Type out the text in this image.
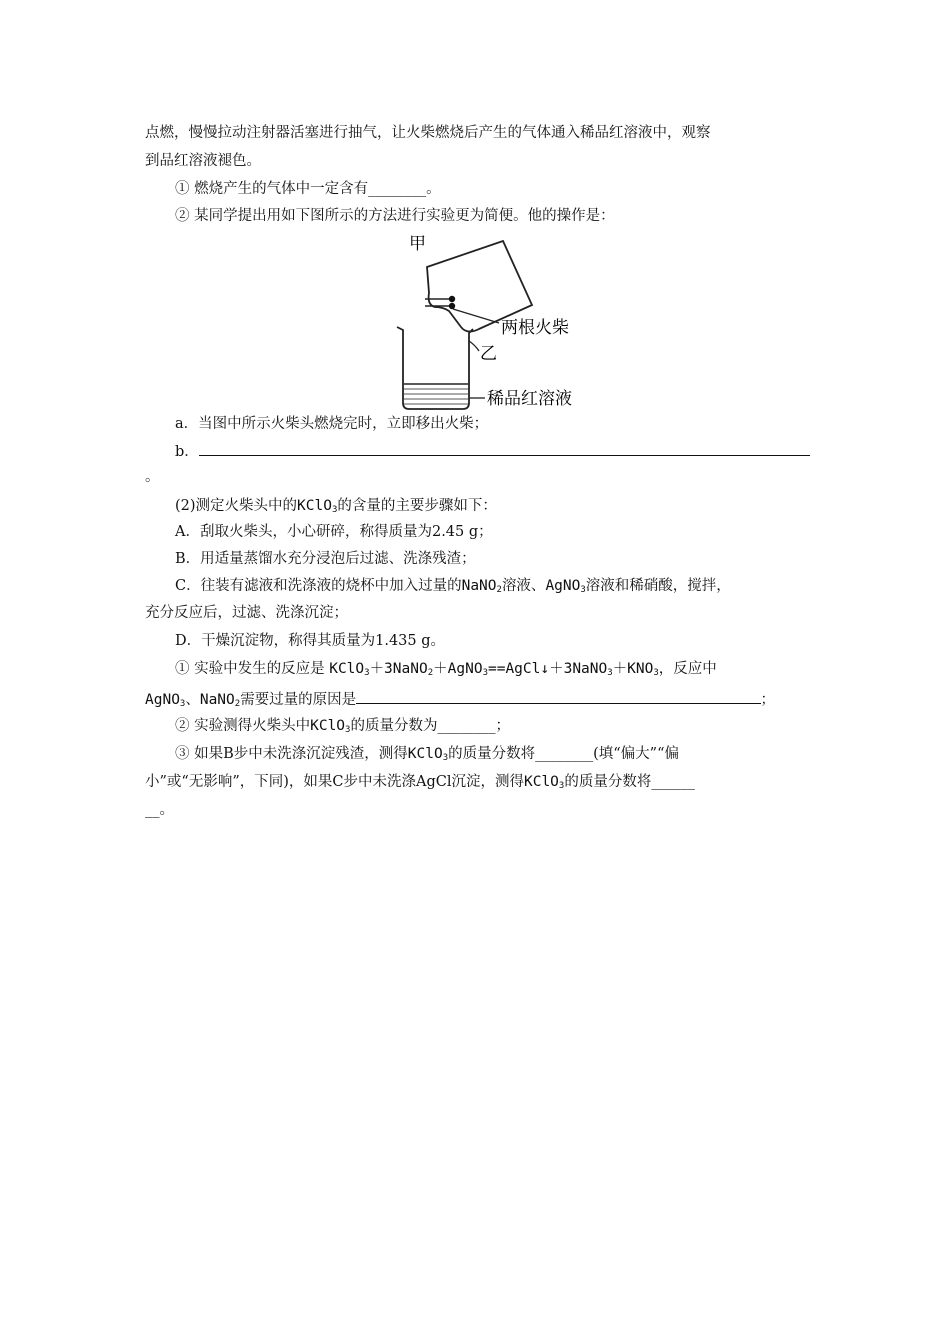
点燃，慢慢拉动注射器活塞进行抽气，让火柴燃烧后产生的气体通入稀品红溶液中，观察
到品红溶液褪色。
① 燃烧产生的气体中一定含有________。
② 某同学提出用如下图所示的方法进行实验更为简便。他的操作是：
甲
两根火柴
乙
稀品红溶液
a．当图中所示火柴头燃烧完时，立即移出火柴；
b．
。
(2)测定火柴头中的KClO$_3$的含量的主要步骤如下：
A．刮取火柴头，小心研碎，称得质量为2.45 g；
B．用适量蒸馏水充分浸泡后过滤、洗涤残渣；
C．往装有滤液和洗涤液的烧杯中加入过量的NaNO$_2$溶液、AgNO$_3$溶液和稀硝酸，搅拌，
充分反应后，过滤、洗涤沉淀；
D．干燥沉淀物，称得其质量为1.435 g。
① 实验中发生的反应是 $KClO_3+3NaNO_2+AgNO_3==AgCl↓+3NaNO_3+KNO_3$，反应中
AgNO$_3$、NaNO$_2$ 需要过量的原因是	；
② 实验测得火柴头中KClO$_3$的质量分数为________；
③ 如果B步中未洗涤沉淀残渣，测得KClO$_3$的质量分数将________(填“偏大”“偏
小”或“无影响”，下同)，如果C步中未洗涤AgCl沉淀，测得KClO$_3$的质量分数将______
__。
